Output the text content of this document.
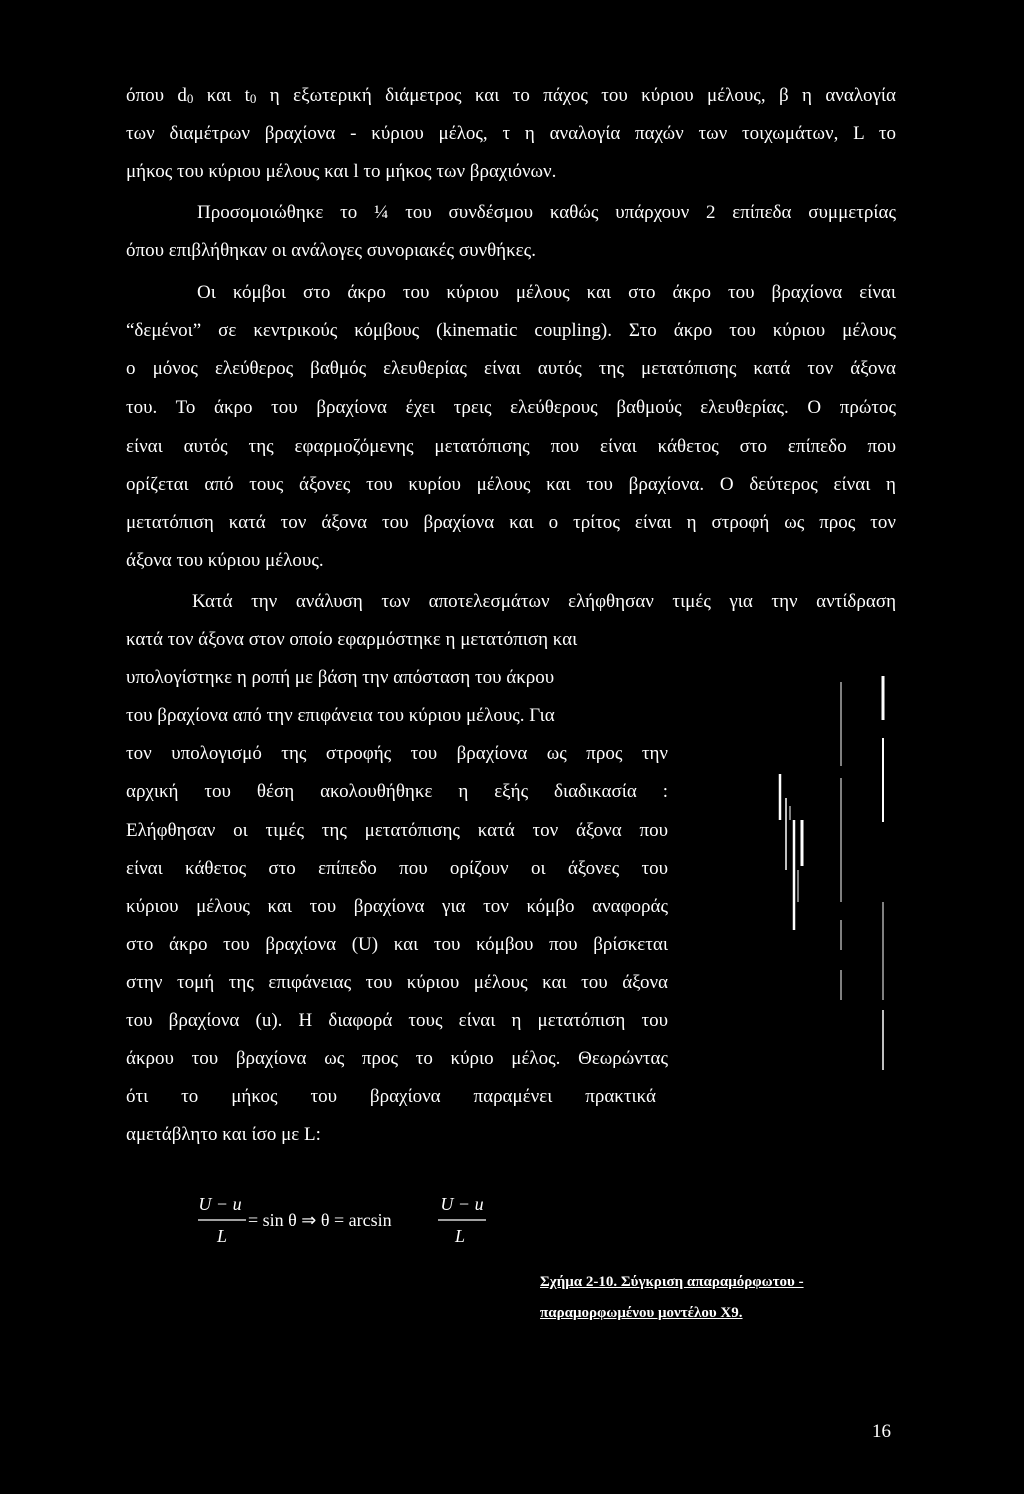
όπου $d_0$ και $t_0$ η εξωτερική διάμετρος και το πάχος του κύριου μέλους, β η αναλογία
των διαμέτρων βραχίονα - κύριου μέλος, τ η αναλογία παχών των τοιχωμάτων, L το
μήκος του κύριου μέλους και l το μήκος των βραχιόνων.
Προσομοιώθηκε το ¼ του συνδέσμου καθώς υπάρχουν 2 επίπεδα συμμετρίας
όπου επιβλήθηκαν οι ανάλογες συνοριακές συνθήκες.
Οι κόμβοι στο άκρο του κύριου μέλους και στο άκρο του βραχίονα είναι
“δεμένοι” σε κεντρικούς κόμβους (kinematic coupling). Στο άκρο του κύριου μέλους
ο μόνος ελεύθερος βαθμός ελευθερίας είναι αυτός της μετατόπισης κατά τον άξονα
του. Το άκρο του βραχίονα έχει τρεις ελεύθερους βαθμούς ελευθερίας. Ο πρώτος
είναι αυτός της εφαρμοζόμενης μετατόπισης που είναι κάθετος στο επίπεδο που
ορίζεται από τους άξονες του κυρίου μέλους και του βραχίονα. Ο δεύτερος είναι η
μετατόπιση κατά τον άξονα του βραχίονα και ο τρίτος είναι η στροφή ως προς τον
άξονα του κύριου μέλους.
Κατά την ανάλυση των αποτελεσμάτων ελήφθησαν τιμές για την αντίδραση
κατά τον άξονα στον οποίο εφαρμόστηκε η μετατόπιση και
υπολογίστηκε η ροπή με βάση την απόσταση του άκρου
του βραχίονα από την επιφάνεια του κύριου μέλους. Για
τον υπολογισμό της στροφής του βραχίονα ως προς την
αρχική του θέση ακολουθήθηκε η εξής διαδικασία :
Ελήφθησαν οι τιμές της μετατόπισης κατά τον άξονα που
είναι κάθετος στο επίπεδο που ορίζουν οι άξονες του
κύριου μέλους και του βραχίονα για τον κόμβο αναφοράς
στο άκρο του βραχίονα (U) και του κόμβου που βρίσκεται
στην τομή της επιφάνειας του κύριου μέλους και του άξονα
του βραχίονα (u). Η διαφορά τους είναι η μετατόπιση του
άκρου του βραχίονα ως προς το κύριο μέλος. Θεωρώντας
ότι το μήκος του βραχίονα παραμένει πρακτικά
αμετάβλητο και ίσο με L:
U − u
L
= sin θ ⇒ θ = arcsin
U − u
L
Σχήμα 2-10. Σύγκριση απαραμόρφωτου -
παραμορφωμένου μοντέλου Χ9.
16
